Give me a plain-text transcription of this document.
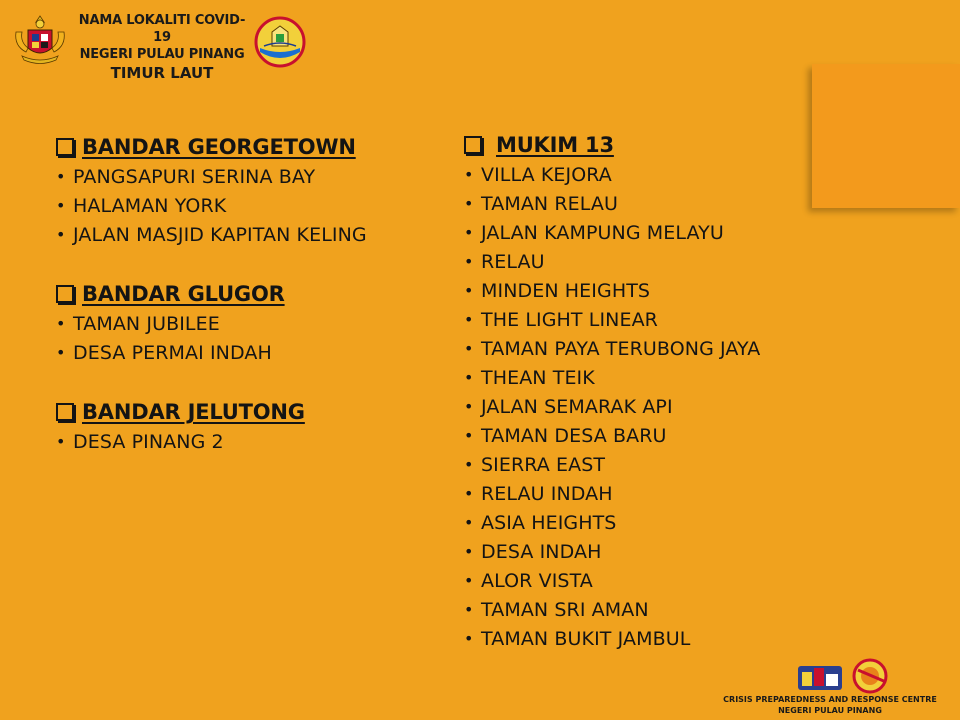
NAMA LOKALITI COVID-19
NEGERI PULAU PINANG
TIMUR LAUT
BANDAR GEORGETOWN
• PANGSAPURI SERINA BAY
• HALAMAN YORK
• JALAN MASJID KAPITAN KELING
BANDAR GLUGOR
• TAMAN JUBILEE
• DESA PERMAI INDAH
BANDAR JELUTONG
• DESA PINANG 2
MUKIM 13
• VILLA KEJORA
• TAMAN RELAU
• JALAN KAMPUNG MELAYU
• RELAU
• MINDEN HEIGHTS
• THE LIGHT LINEAR
• TAMAN PAYA TERUBONG JAYA
• THEAN TEIK
• JALAN SEMARAK API
• TAMAN DESA BARU
• SIERRA EAST
• RELAU INDAH
• ASIA HEIGHTS
• DESA INDAH
• ALOR VISTA
• TAMAN SRI AMAN
• TAMAN BUKIT JAMBUL
CRISIS PREPAREDNESS AND RESPONSE CENTRE
NEGERI PULAU PINANG
